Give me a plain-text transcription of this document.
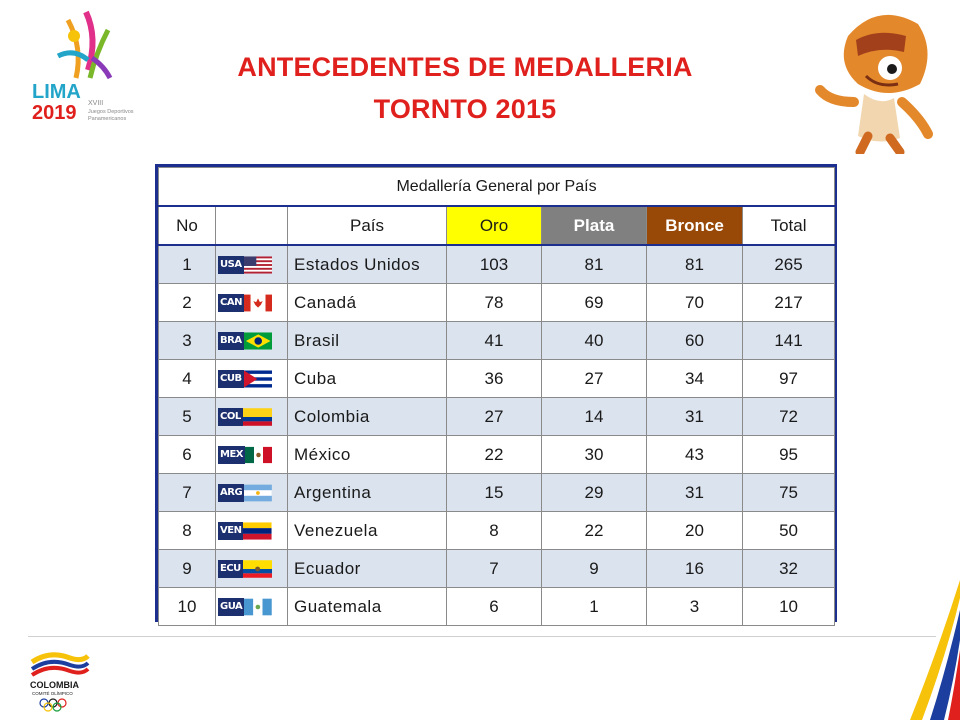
LIMA
2019 XVIII
Juegos Deportivos
Panamericanos
ANTECEDENTES DE MEDALLERIA
TORNTO 2015
Medallería General por País						
No		País	Oro	Plata	Bronce	Total
1	USA	Estados Unidos	103	81	81	265
2	CAN	Canadá	78	69	70	217
3	BRA	Brasil	41	40	60	141
4	CUB	Cuba	36	27	34	97
5	COL	Colombia	27	14	31	72
6	MEX	México	22	30	43	95
7	ARG	Argentina	15	29	31	75
8	VEN	Venezuela	8	22	20	50
9	ECU	Ecuador	7	9	16	32
10	GUA	Guatemala	6	1	3	10
COLOMBIA
COMITÉ OLÍMPICO
